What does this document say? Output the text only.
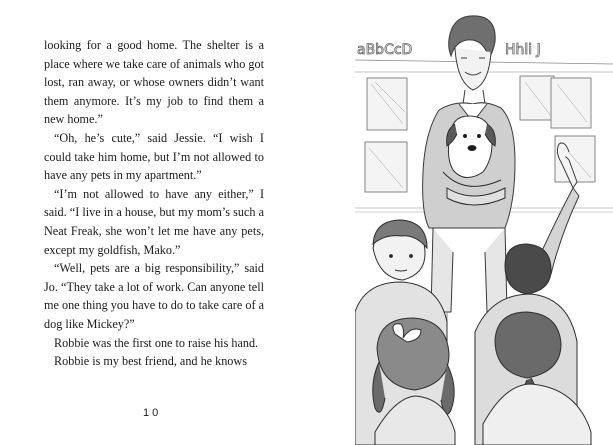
looking for a good home. The shelter is a place where we take care of animals who got lost, ran away, or whose owners didn’t want them anymore. It’s my job to find them a new home.”

“Oh, he’s cute,” said Jessie. “I wish I could take him home, but I’m not allowed to have any pets in my apartment.”

“I’m not allowed to have any either,” I said. “I live in a house, but my mom’s such a Neat Freak, she won’t let me have any pets, except my goldfish, Mako.”

“Well, pets are a big responsibility,” said Jo. “They take a lot of work. Can anyone tell me one thing you have to do to take care of a dog like Mickey?”

Robbie was the first one to raise his hand.

Robbie is my best friend, and he knows

10
aBbCcD	Hhli J
